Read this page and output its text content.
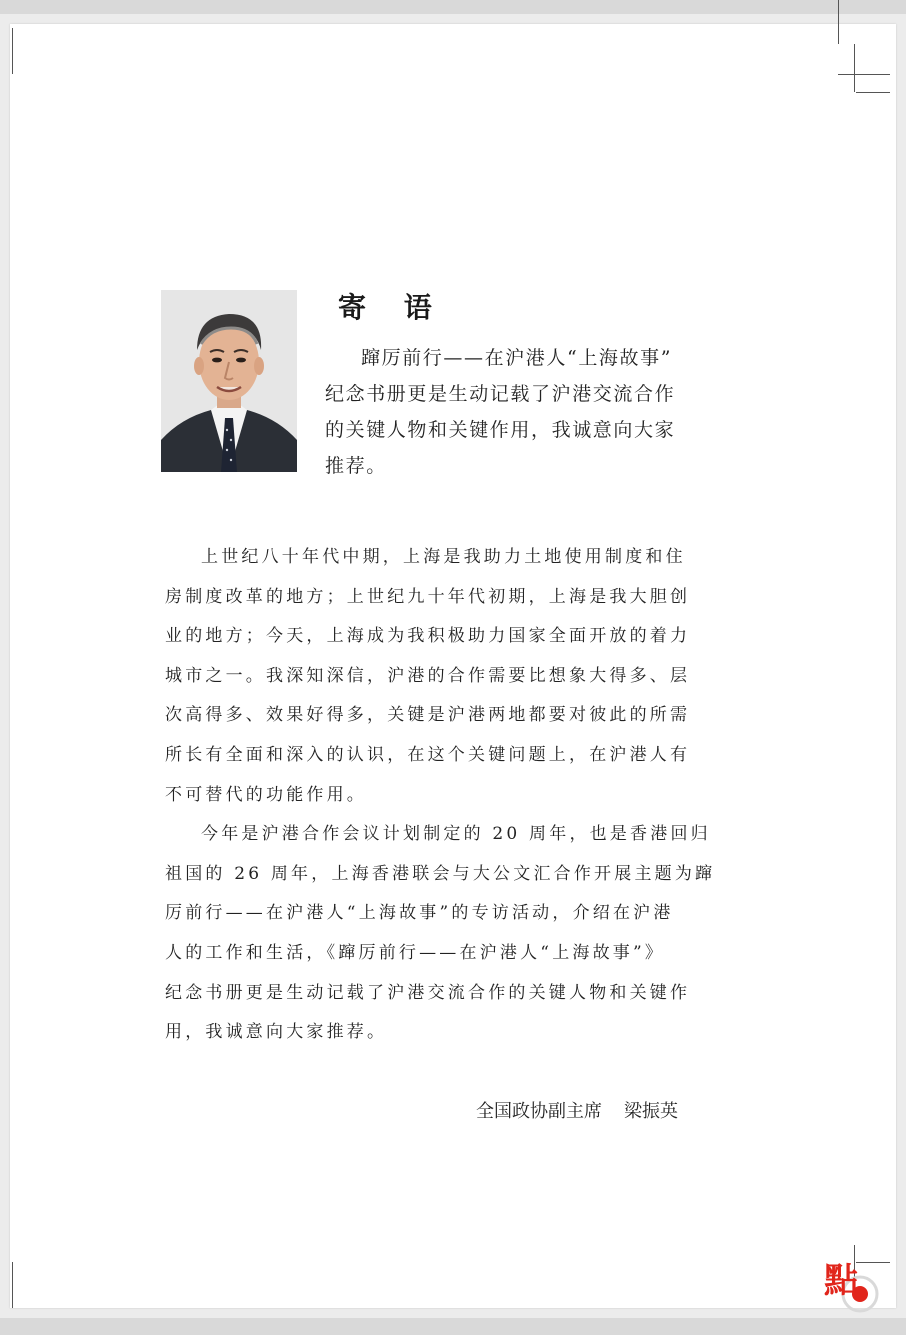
寄 语
蹿厉前行——在沪港人“上海故事”
纪念书册更是生动记载了沪港交流合作
的关键人物和关键作用，我诚意向大家
推荐。
上世纪八十年代中期，上海是我助力土地使用制度和住
房制度改革的地方；上世纪九十年代初期，上海是我大胆创
业的地方；今天，上海成为我积极助力国家全面开放的着力
城市之一。我深知深信，沪港的合作需要比想象大得多、层
次高得多、效果好得多，关键是沪港两地都要对彼此的所需
所长有全面和深入的认识，在这个关键问题上，在沪港人有
不可替代的功能作用。
今年是沪港合作会议计划制定的 20 周年，也是香港回归
祖国的 26 周年，上海香港联会与大公文汇合作开展主题为蹿
厉前行——在沪港人“上海故事”的专访活动，介绍在沪港
人的工作和生活，《蹿厉前行——在沪港人“上海故事”》
纪念书册更是生动记载了沪港交流合作的关键人物和关键作
用，我诚意向大家推荐。
全国政协副主席 梁振英
點
